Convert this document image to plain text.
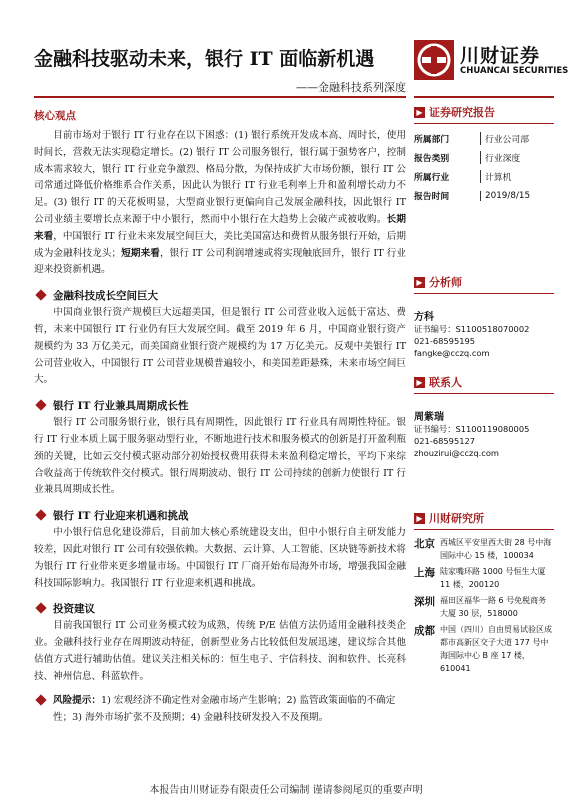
金融科技驱动未来，银行 IT 面临新机遇
——金融科技系列深度
川财证券
CHUANCAI SECURITIES
核心观点

目前市场对于银行 IT 行业存在以下困惑：(1) 银行系统开发成本高、周时长，使用时间长，营救无法实现稳定增长。(2) 银行 IT 公司服务银行，银行属于强势客户，控制成本需求较大，银行 IT 行业竞争激烈、格局分散，为保持成扩大市场份额，银行 IT 公司常通过降低价格维系合作关系，因此认为银行 IT 行业毛利率上升和盈利增长动力不足。(3) 银行 IT 的天花板明显，大型商业银行更偏向自己发展金融科技，因此银行 IT 公司业绩主要增长点来源于中小银行，然而中小银行在大趋势上会破产或被收购。长期来看，中国银行 IT 行业未来发展空间巨大，美比美国富达和费哲从服务银行开始，后期成为金融科技龙头；短期来看，银行 IT 公司利润增速或将实现触底回升，银行 IT 行业迎来投资新机遇。

金融科技成长空间巨大

中国商业银行资产规模巨大远超美国，但是银行 IT 公司营业收入远低于富达、费哲，未来中国银行 IT 行业仍有巨大发展空间。截至 2019 年 6 月，中国商业银行资产规模约为 33 万亿美元，而美国商业银行资产规模约为 17 万亿美元。反观中美银行 IT 公司营业收入，中国银行 IT 公司营业规模普遍较小，和美国差距悬殊，未来市场空间巨大。

银行 IT 行业兼具周期成长性

银行 IT 公司服务银行业，银行具有周期性，因此银行 IT 行业具有周期性特征。银行 IT 行业本质上属于服务驱动型行业，不断地进行技术和服务模式的创新是打开盈利瓶颈的关键，比如云交付模式驱动部分初始授权费用获得未来盈利稳定增长，平均下来综合收益高于传统软件交付模式。银行周期波动、银行 IT 公司持续的创新力使银行 IT 行业兼具周期成长性。

银行 IT 行业迎来机遇和挑战

中小银行信息化建设滞后，目前加大核心系统建设支出，但中小银行自主研发能力较差，因此对银行 IT 公司有较强依赖。大数据、云计算、人工智能、区块链等新技术将为银行 IT 行业带来更多增量市场。中国银行 IT 厂商开始布局海外市场，增强我国金融科技国际影响力。我国银行 IT 行业迎来机遇和挑战。

投资建议

目前我国银行 IT 公司业务模式较为成熟，传统 P/E 估值方法仍适用金融科技类企业。金融科技行业存在周期波动特征，创新型业务占比较低但发展迅速，建议综合其他估值方式进行辅助估值。建议关注相关标的：恒生电子、宇信科技、润和软件、长亮科技、神州信息、科蓝软件。

风险提示：1) 宏观经济不确定性对金融市场产生影响；2) 监管政策面临的不确定性；3) 海外市场扩张不及预期；4) 金融科技研发投入不及预期。

▶ 证券研究报告
所属部门	行业公司部
报告类别	行业深度
所属行业	计算机
报告时间	2019/8/15
▶ 分析师
方科
证书编号：S1100518070002
021-68595195
fangke@cczq.com
▶ 联系人
周紫瑞
证书编号：S1100119080005
021-68595127
zhouzirui@cczq.com
▶ 川财研究所
北京 西城区平安里西大街 28 号中海国际中心 15 楼，100034
上海 陆家嘴环路 1000 号恒生大厦 11 楼，200120
深圳 福田区福华一路 6 号免税商务大厦 30 层，518000
成都 中国（四川）自由贸易试验区成都市高新区交子大道 177 号中海国际中心 B 座 17 楼，610041
本报告由川财证券有限责任公司编制 谨请参阅尾页的重要声明
